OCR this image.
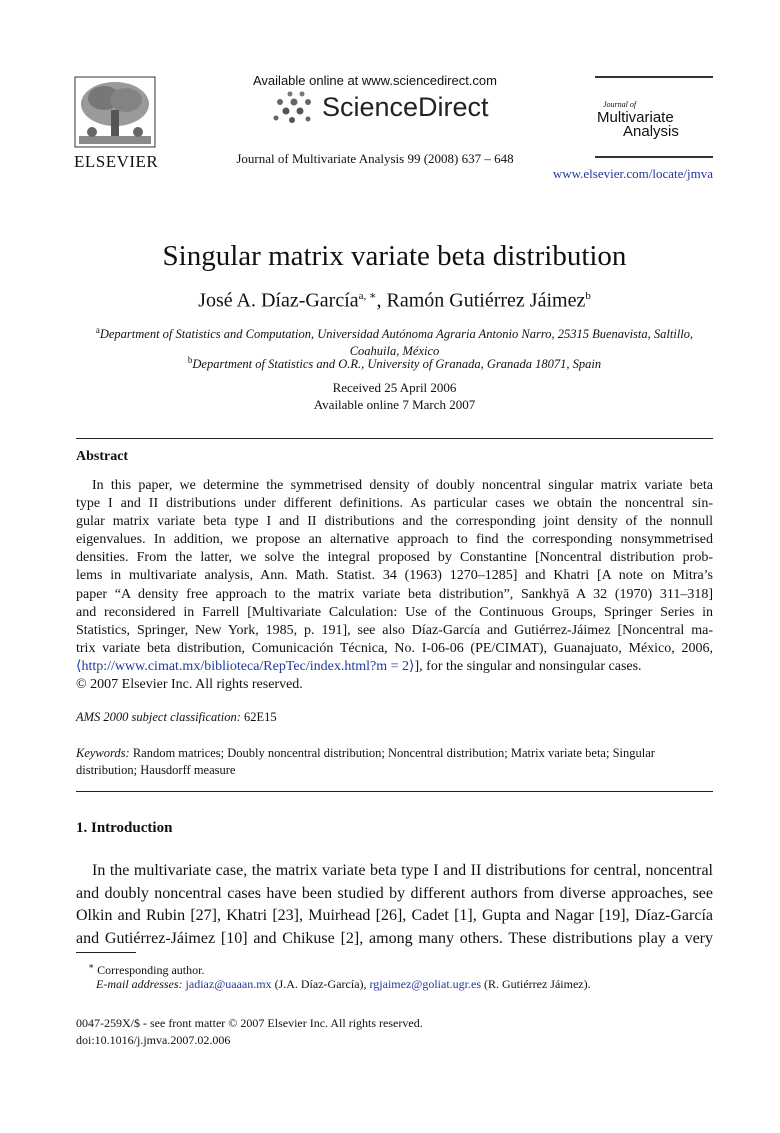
ELSEVIER
Available online at www.sciencedirect.com
ScienceDirect
Journal of Multivariate Analysis 99 (2008) 637 – 648
Journal of
Multivariate
Analysis
www.elsevier.com/locate/jmva
Singular matrix variate beta distribution
José A. Díaz-García$^{a, ∗}$, Ramón Gutiérrez Jáimez$^b$
$^a$Department of Statistics and Computation, Universidad Autónoma Agraria Antonio Narro, 25315 Buenavista, Saltillo,
Coahuila, México
$^b$Department of Statistics and O.R., University of Granada, Granada 18071, Spain
Received 25 April 2006
Available online 7 March 2007
Abstract
In this paper, we determine the symmetrised density of doubly noncentral singular matrix variate beta
type I and II distributions under different definitions. As particular cases we obtain the noncentral sin-
gular matrix variate beta type I and II distributions and the corresponding joint density of the nonnull
eigenvalues. In addition, we propose an alternative approach to find the corresponding nonsymmetrised
densities. From the latter, we solve the integral proposed by Constantine [Noncentral distribution prob-
lems in multivariate analysis, Ann. Math. Statist. 34 (1963) 1270–1285] and Khatri [A note on Mitra’s
paper “A density free approach to the matrix variate beta distribution”, Sankhyā A 32 (1970) 311–318]
and reconsidered in Farrell [Multivariate Calculation: Use of the Continuous Groups, Springer Series in
Statistics, Springer, New York, 1985, p. 191], see also Díaz-García and Gutiérrez-Jáimez [Noncentral ma-
trix variate beta distribution, Comunicación Técnica, No. I-06-06 (PE/CIMAT), Guanajuato, México, 2006,
⟨http://www.cimat.mx/biblioteca/RepTec/index.html?m = 2⟩], for the singular and nonsingular cases.
© 2007 Elsevier Inc. All rights reserved.
AMS 2000 subject classification: 62E15
Keywords: Random matrices; Doubly noncentral distribution; Noncentral distribution; Matrix variate beta; Singular
distribution; Hausdorff measure
1. Introduction
In the multivariate case, the matrix variate beta type I and II distributions for central, noncentral
and doubly noncentral cases have been studied by different authors from diverse approaches, see
Olkin and Rubin [27], Khatri [23], Muirhead [26], Cadet [1], Gupta and Nagar [19], Díaz-García
and Gutiérrez-Jáimez [10] and Chikuse [2], among many others. These distributions play a very
∗ Corresponding author.
E-mail addresses: jadiaz@uaaan.mx (J.A. Díaz-García), rgjaimez@goliat.ugr.es (R. Gutiérrez Jáimez).
0047-259X/$ - see front matter © 2007 Elsevier Inc. All rights reserved.
doi:10.1016/j.jmva.2007.02.006
